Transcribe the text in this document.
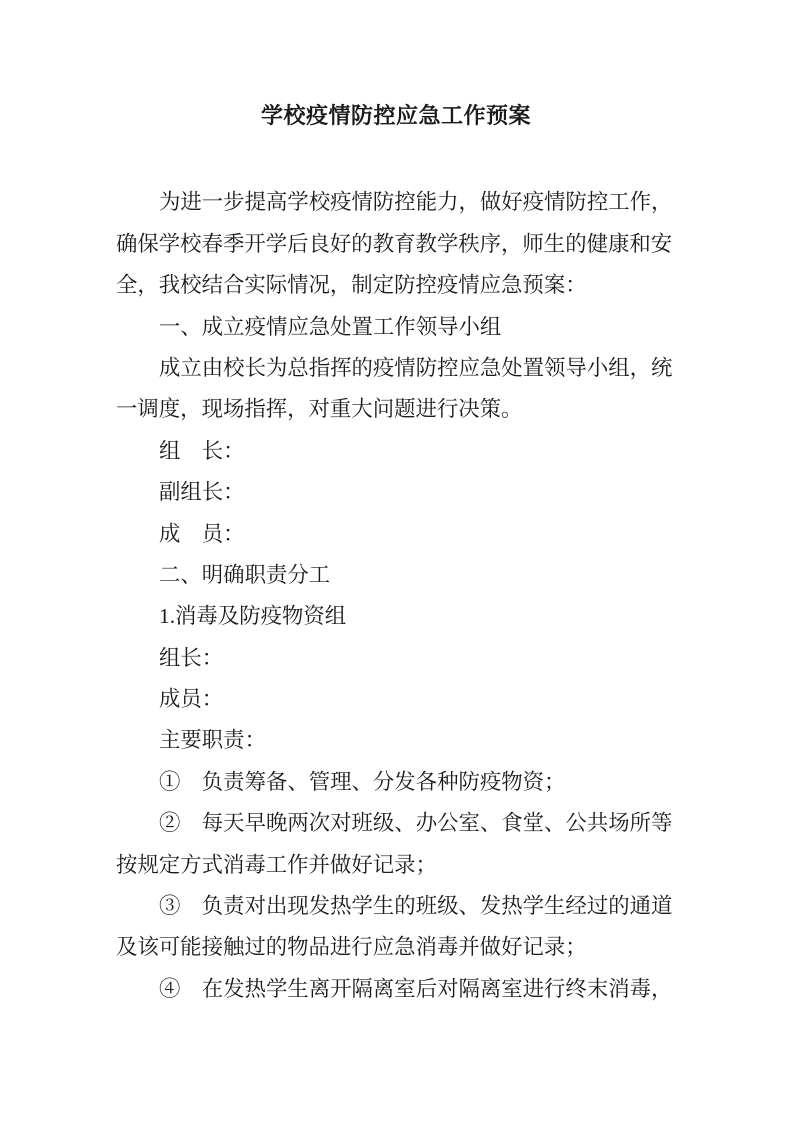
学校疫情防控应急工作预案
为进一步提高学校疫情防控能力，做好疫情防控工作，
确保学校春季开学后良好的教育教学秩序，师生的健康和安
全，我校结合实际情况，制定防控疫情应急预案：
一、成立疫情应急处置工作领导小组
成立由校长为总指挥的疫情防控应急处置领导小组，统
一调度，现场指挥，对重大问题进行决策。
组　长：
副组长：
成　员：
二、明确职责分工
1.消毒及防疫物资组
组长：
成员：
主要职责：
①　负责筹备、管理、分发各种防疫物资；
②　每天早晚两次对班级、办公室、食堂、公共场所等
按规定方式消毒工作并做好记录；
③　负责对出现发热学生的班级、发热学生经过的通道
及该可能接触过的物品进行应急消毒并做好记录；
④　在发热学生离开隔离室后对隔离室进行终末消毒，
